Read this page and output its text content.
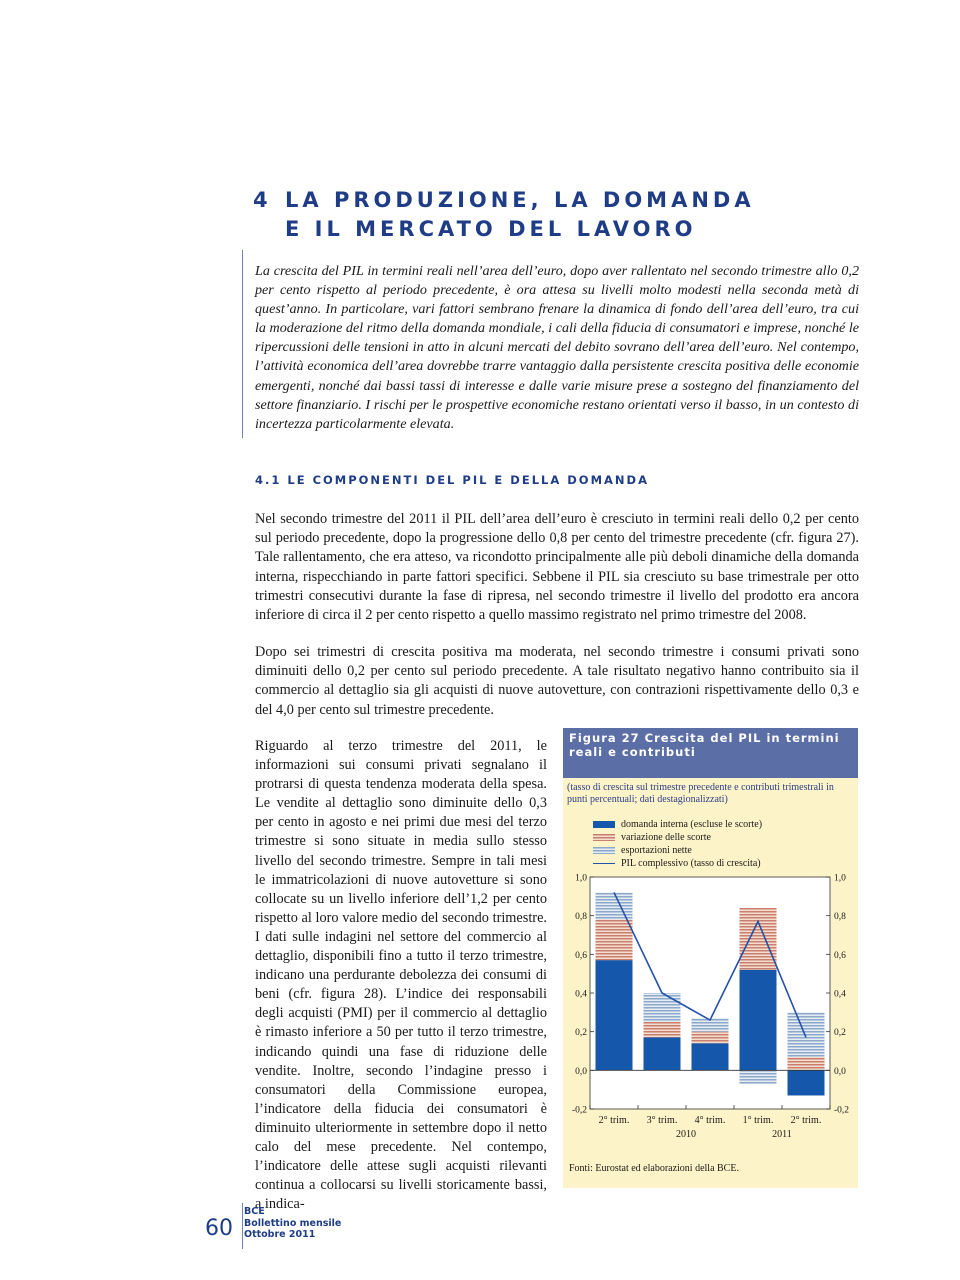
4 LA PRODUZIONE, LA DOMANDA
E IL MERCATO DEL LAVORO

La crescita del PIL in termini reali nell’area dell’euro, dopo aver rallentato nel secondo trimestre allo 0,2 per cento rispetto al periodo precedente, è ora attesa su livelli molto modesti nella seconda metà di quest’anno. In particolare, vari fattori sembrano frenare la dinamica di fondo dell’area dell’euro, tra cui la moderazione del ritmo della domanda mondiale, i cali della fiducia di consumatori e imprese, nonché le ripercussioni delle tensioni in atto in alcuni mercati del debito sovrano dell’area dell’euro. Nel contempo, l’attività economica dell’area dovrebbe trarre vantaggio dalla persistente crescita positiva delle economie emergenti, nonché dai bassi tassi di interesse e dalle varie misure prese a sostegno del finanziamento del settore finanziario. I rischi per le prospettive economiche restano orientati verso il basso, in un contesto di incertezza particolarmente elevata.

4.1 LE COMPONENTI DEL PIL E DELLA DOMANDA

Nel secondo trimestre del 2011 il PIL dell’area dell’euro è cresciuto in termini reali dello 0,2 per cento sul periodo precedente, dopo la progressione dello 0,8 per cento del trimestre precedente (cfr. figura 27). Tale rallentamento, che era atteso, va ricondotto principalmente alle più deboli dinamiche della domanda interna, rispecchiando in parte fattori specifici. Sebbene il PIL sia cresciuto su base trimestrale per otto trimestri consecutivi durante la fase di ripresa, nel secondo trimestre il livello del prodotto era ancora inferiore di circa il 2 per cento rispetto a quello massimo registrato nel primo trimestre del 2008.

Dopo sei trimestri di crescita positiva ma moderata, nel secondo trimestre i consumi privati sono diminuiti dello 0,2 per cento sul periodo precedente. A tale risultato negativo hanno contribuito sia il commercio al dettaglio sia gli acquisti di nuove autovetture, con contrazioni rispettivamente dello 0,3 e del 4,0 per cento sul trimestre precedente.

Riguardo al terzo trimestre del 2011, le informazioni sui consumi privati segnalano il protrarsi di questa tendenza moderata della spesa. Le vendite al dettaglio sono diminuite dello 0,3 per cento in agosto e nei primi due mesi del terzo trimestre si sono situate in media sullo stesso livello del secondo trimestre. Sempre in tali mesi le immatricolazioni di nuove autovetture si sono collocate su un livello inferiore dell’1,2 per cento rispetto al loro valore medio del secondo trimestre. I dati sulle indagini nel settore del commercio al dettaglio, disponibili fino a tutto il terzo trimestre, indicano una perdurante debolezza dei consumi di beni (cfr. figura 28). L’indice dei responsabili degli acquisti (PMI) per il commercio al dettaglio è rimasto inferiore a 50 per tutto il terzo trimestre, indicando quindi una fase di riduzione delle vendite. Inoltre, secondo l’indagine presso i consumatori della Commissione europea, l’indicatore della fiducia dei consumatori è diminuito ulteriormente in settembre dopo il netto calo del mese precedente. Nel contempo, l’indicatore delle attese sugli acquisti rilevanti continua a collocarsi su livelli storicamente bassi, a indica-

Figura 27 Crescita del PIL in termini reali e contributi

(tasso di crescita sul trimestre precedente e contributi trimestrali in punti percentuali; dati destagionalizzati)

domanda interna (escluse le scorte)
variazione delle scorte
esportazioni nette
PIL complessivo (tasso di crescita)
-0,2	-0,2
0,0	0,0
0,2	0,2
0,4	0,4
0,6	0,6
0,8	0,8
1,0	1,0
2° trim. 3° trim. 4° trim. 1° trim. 2° trim.
2010	2011

Fonti: Eurostat ed elaborazioni della BCE.

60
BCE
Bollettino mensile
Ottobre 2011
